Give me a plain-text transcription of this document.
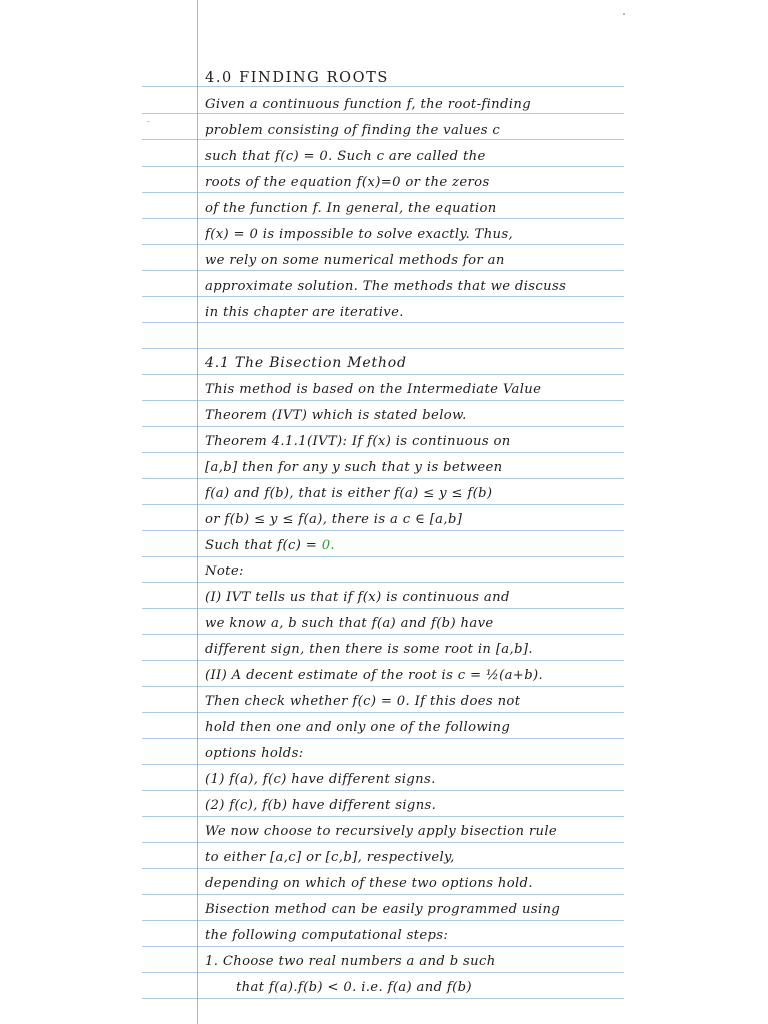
4.0 FINDING ROOTS
Given a continuous function f, the root-finding
problem consisting of finding the values c
such that f(c) = 0. Such c are called the
roots of the equation f(x)=0 or the zeros
of the function f. In general, the equation
f(x) = 0 is impossible to solve exactly. Thus,
we rely on some numerical methods for an
approximate solution. The methods that we discuss
in this chapter are iterative.
4.1 The Bisection Method
This method is based on the Intermediate Value
Theorem (IVT) which is stated below.
Theorem 4.1.1(IVT): If f(x) is continuous on
[a,b] then for any y such that y is between
f(a) and f(b), that is either f(a) ≤ y ≤ f(b)
or f(b) ≤ y ≤ f(a), there is a c ∈ [a,b]
Such that f(c) = 0.
Note:
(I) IVT tells us that if f(x) is continuous and
we know a, b such that f(a) and f(b) have
different sign, then there is some root in [a,b].
(II) A decent estimate of the root is c = ½(a+b).
Then check whether f(c) = 0. If this does not
hold then one and only one of the following
options holds:
(1) f(a), f(c) have different signs.
(2) f(c), f(b) have different signs.
We now choose to recursively apply bisection rule
to either [a,c] or [c,b], respectively,
depending on which of these two options hold.
Bisection method can be easily programmed using
the following computational steps:
1. Choose two real numbers a and b such
that f(a).f(b) < 0. i.e. f(a) and f(b)
